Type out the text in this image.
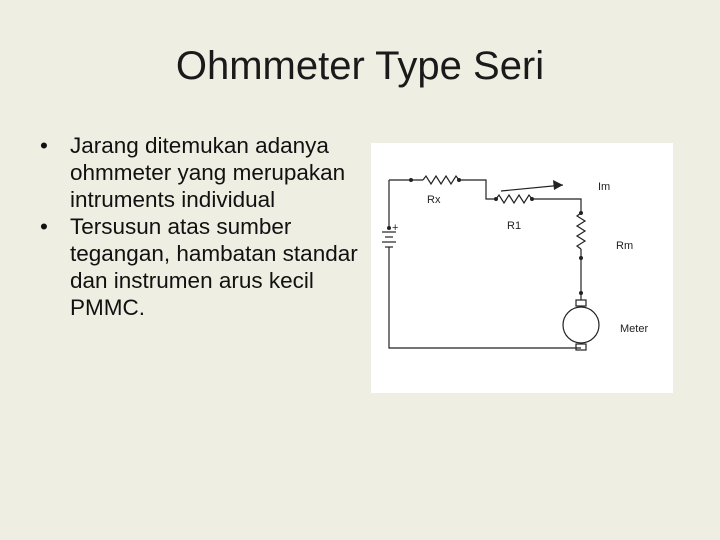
Ohmmeter Type Seri
• Jarang ditemukan adanya ohmmeter yang merupakan intruments individual
• Tersusun atas sumber tegangan, hambatan standar dan instrumen arus kecil PMMC.
Rx
R1
Im
Rm
Meter
+
